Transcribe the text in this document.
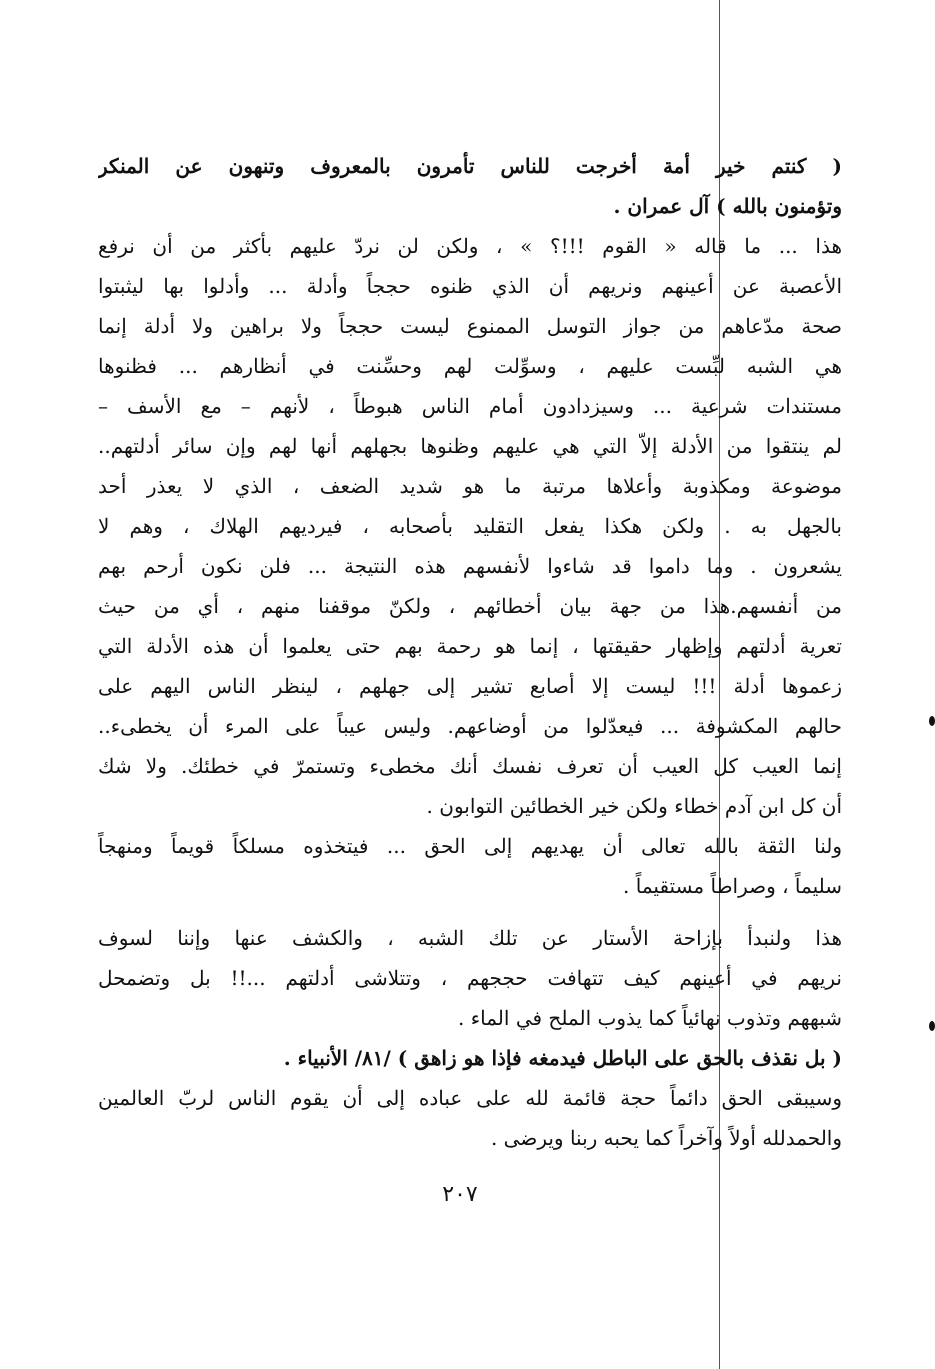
( كنتم خير أمة أخرجت للناس تأمرون بالمعروف وتنهون عن المنكر
وتؤمنون بالله ) آل عمران .
هذا ... ما قاله « القوم !!!؟ » ، ولكن لن نردّ عليهم بأكثر من أن نرفع
الأعصبة عن أعينهم ونريهم أن الذي ظنوه حججاً وأدلة ... وأدلوا بها ليثبتوا
صحة مدّعاهم من جواز التوسل الممنوع ليست حججاً ولا براهين ولا أدلة إنما
هي الشبه لبِّست عليهم ، وسوِّلت لهم وحسِّنت في أنظارهم ... فظنوها
مستندات شرعية ... وسيزدادون أمام الناس هبوطاً ، لأنهم – مع الأسف –
لم ينتقوا من الأدلة إلاّ التي هي عليهم وظنوها بجهلهم أنها لهم وإن سائر أدلتهم..
موضوعة ومكذوبة وأعلاها مرتبة ما هو شديد الضعف ، الذي لا يعذر أحد
بالجهل به . ولكن هكذا يفعل التقليد بأصحابه ، فيرديهم الهلاك ، وهم لا
يشعرون . وما داموا قد شاءوا لأنفسهم هذه النتيجة ... فلن نكون أرحم بهم
من أنفسهم.هذا من جهة بيان أخطائهم ، ولكنّ موقفنا منهم ، أي من حيث
تعرية أدلتهم وإظهار حقيقتها ، إنما هو رحمة بهم حتى يعلموا أن هذه الأدلة التي
زعموها أدلة !!! ليست إلا أصابع تشير إلى جهلهم ، لينظر الناس اليهم على
حالهم المكشوفة ... فيعدّلوا من أوضاعهم. وليس عيباً على المرء أن يخطىء..
إنما العيب كل العيب أن تعرف نفسك أنك مخطىء وتستمرّ في خطئك. ولا شك
أن كل ابن آدم خطاء ولكن خير الخطائين التوابون .
ولنا الثقة بالله تعالى أن يهديهم إلى الحق ... فيتخذوه مسلكاً قويماً ومنهجاً
سليماً ، وصراطاً مستقيماً .
هذا ولنبدأ بإزاحة الأستار عن تلك الشبه ، والكشف عنها وإننا لسوف
نريهم في أعينهم كيف تتهافت حججهم ، وتتلاشى أدلتهم ...!! بل وتضمحل
شبههم وتذوب نهائياً كما يذوب الملح في الماء .
( بل نقذف بالحق على الباطل فيدمغه فإذا هو زاهق ) /٨١/ الأنبياء .
وسيبقى الحق دائماً حجة قائمة لله على عباده إلى أن يقوم الناس لربّ العالمين
والحمدلله أولاً وآخراً كما يحبه ربنا ويرضى .
٢٠٧
